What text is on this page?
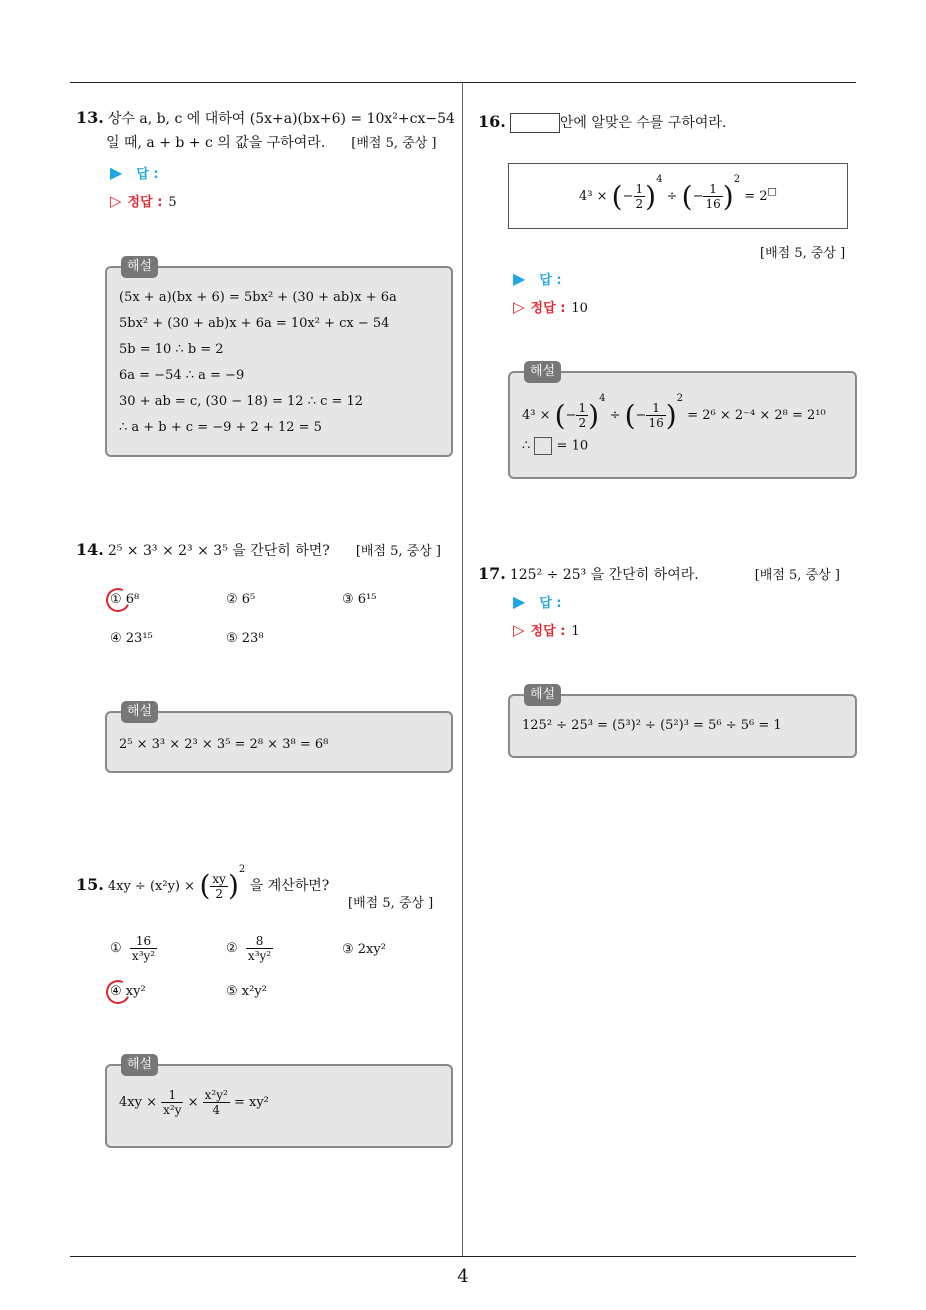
4
13. 상수 a, b, c 에 대하여 (5x+a)(bx+6) = 10x²+cx−54
일 때, a + b + c 의 값을 구하여라. [배점 5, 중상 ]
▶ 답 :
▷ 정답 : 5
해설
(5x + a)(bx + 6) = 5bx² + (30 + ab)x + 6a
5bx² + (30 + ab)x + 6a = 10x² + cx − 54
5b = 10 ∴ b = 2
6a = −54 ∴ a = −9
30 + ab = c, (30 − 18) = 12 ∴ c = 12
∴ a + b + c = −9 + 2 + 12 = 5
14. 2⁵ × 3³ × 2³ × 3⁵ 을 간단히 하면? [배점 5, 중상 ]
① 6⁸	② 6⁵	③ 6¹⁵
④ 23¹⁵	⑤ 23⁸
해설
2⁵ × 3³ × 2³ × 3⁵ = 2⁸ × 3⁸ = 6⁸
15. 4xy ÷ (x²y) × ( $\frac{xy}{2} )^2$ 을 계산하면?
[배점 5, 중상 ]
① $\frac{16}{\text{x³y²}}$	② $\frac{8}{\text{x³y²}}$	③ 2xy²
④ xy²	⑤ x²y²
해설
$4xy \times \frac{1}{\text{x²y}} \times \frac{\text{x²y²}}{4} = xy^2$
16.	안에 알맞은 수를 구하여라.
4³ × (− $\frac{1}{2} )^4$ ÷ (− $\frac{1}{16} )^2 = 2^□$
[배점 5, 중상 ]
▶ 답 :
▷ 정답 : 10
해설
4³ × (− $\frac{1}{2} )^4$ ÷ (− $\frac{1}{16} )^2 = 2^6 \times 2^{-4} \times 2^8 = 2^{10}$
∴  = 10
17. 125² ÷ 25³ 을 간단히 하여라.	[배점 5, 중상 ]
▶ 답 :
▷ 정답 : 1
해설
125² ÷ 25³ = (5³)² ÷ (5²)³ = 5⁶ ÷ 5⁶ = 1
